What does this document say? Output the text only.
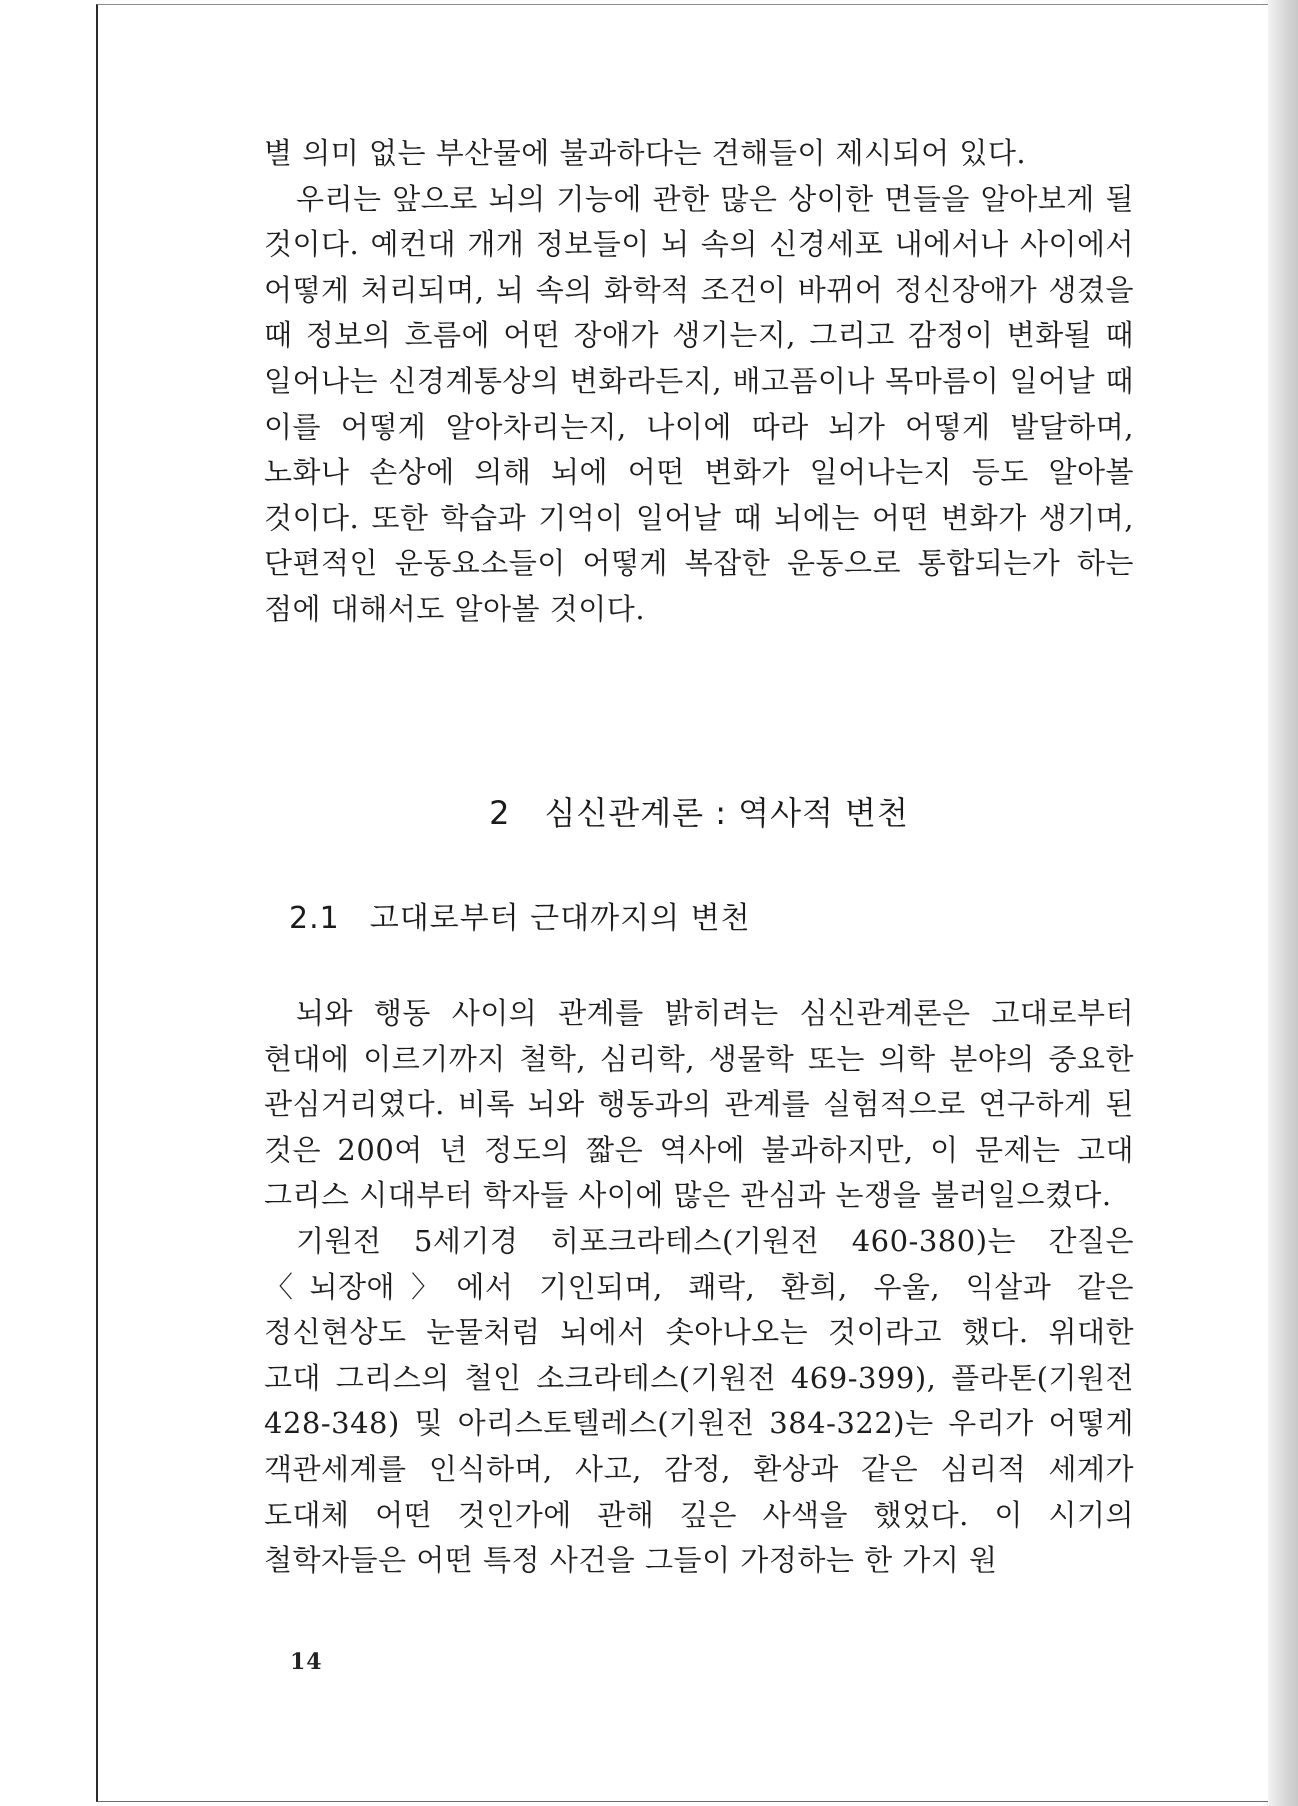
별 의미 없는 부산물에 불과하다는 견해들이 제시되어 있다.

우리는 앞으로 뇌의 기능에 관한 많은 상이한 면들을 알아보게 될 것이다. 예컨대 개개 정보들이 뇌 속의 신경세포 내에서나 사이에서 어떻게 처리되며, 뇌 속의 화학적 조건이 바뀌어 정신장애가 생겼을 때 정보의 흐름에 어떤 장애가 생기는지, 그리고 감정이 변화될 때 일어나는 신경계통상의 변화라든지, 배고픔이나 목마름이 일어날 때 이를 어떻게 알아차리는지, 나이에 따라 뇌가 어떻게 발달하며, 노화나 손상에 의해 뇌에 어떤 변화가 일어나는지 등도 알아볼 것이다. 또한 학습과 기억이 일어날 때 뇌에는 어떤 변화가 생기며, 단편적인 운동요소들이 어떻게 복잡한 운동으로 통합되는가 하는 점에 대해서도 알아볼 것이다.

2 심신관계론 : 역사적 변천
2.1 고대로부터 근대까지의 변천

뇌와 행동 사이의 관계를 밝히려는 심신관계론은 고대로부터 현대에 이르기까지 철학, 심리학, 생물학 또는 의학 분야의 중요한 관심거리였다. 비록 뇌와 행동과의 관계를 실험적으로 연구하게 된 것은 200여 년 정도의 짧은 역사에 불과하지만, 이 문제는 고대 그리스 시대부터 학자들 사이에 많은 관심과 논쟁을 불러일으켰다.

기원전 5세기경 히포크라테스(기원전 460-380)는 간질은 〈뇌장애〉에서 기인되며, 쾌락, 환희, 우울, 익살과 같은 정신현상도 눈물처럼 뇌에서 솟아나오는 것이라고 했다. 위대한 고대 그리스의 철인 소크라테스(기원전 469-399), 플라톤(기원전 428-348) 및 아리스토텔레스(기원전 384-322)는 우리가 어떻게 객관세계를 인식하며, 사고, 감정, 환상과 같은 심리적 세계가 도대체 어떤 것인가에 관해 깊은 사색을 했었다. 이 시기의 철학자들은 어떤 특정 사건을 그들이 가정하는 한 가지 원

14
